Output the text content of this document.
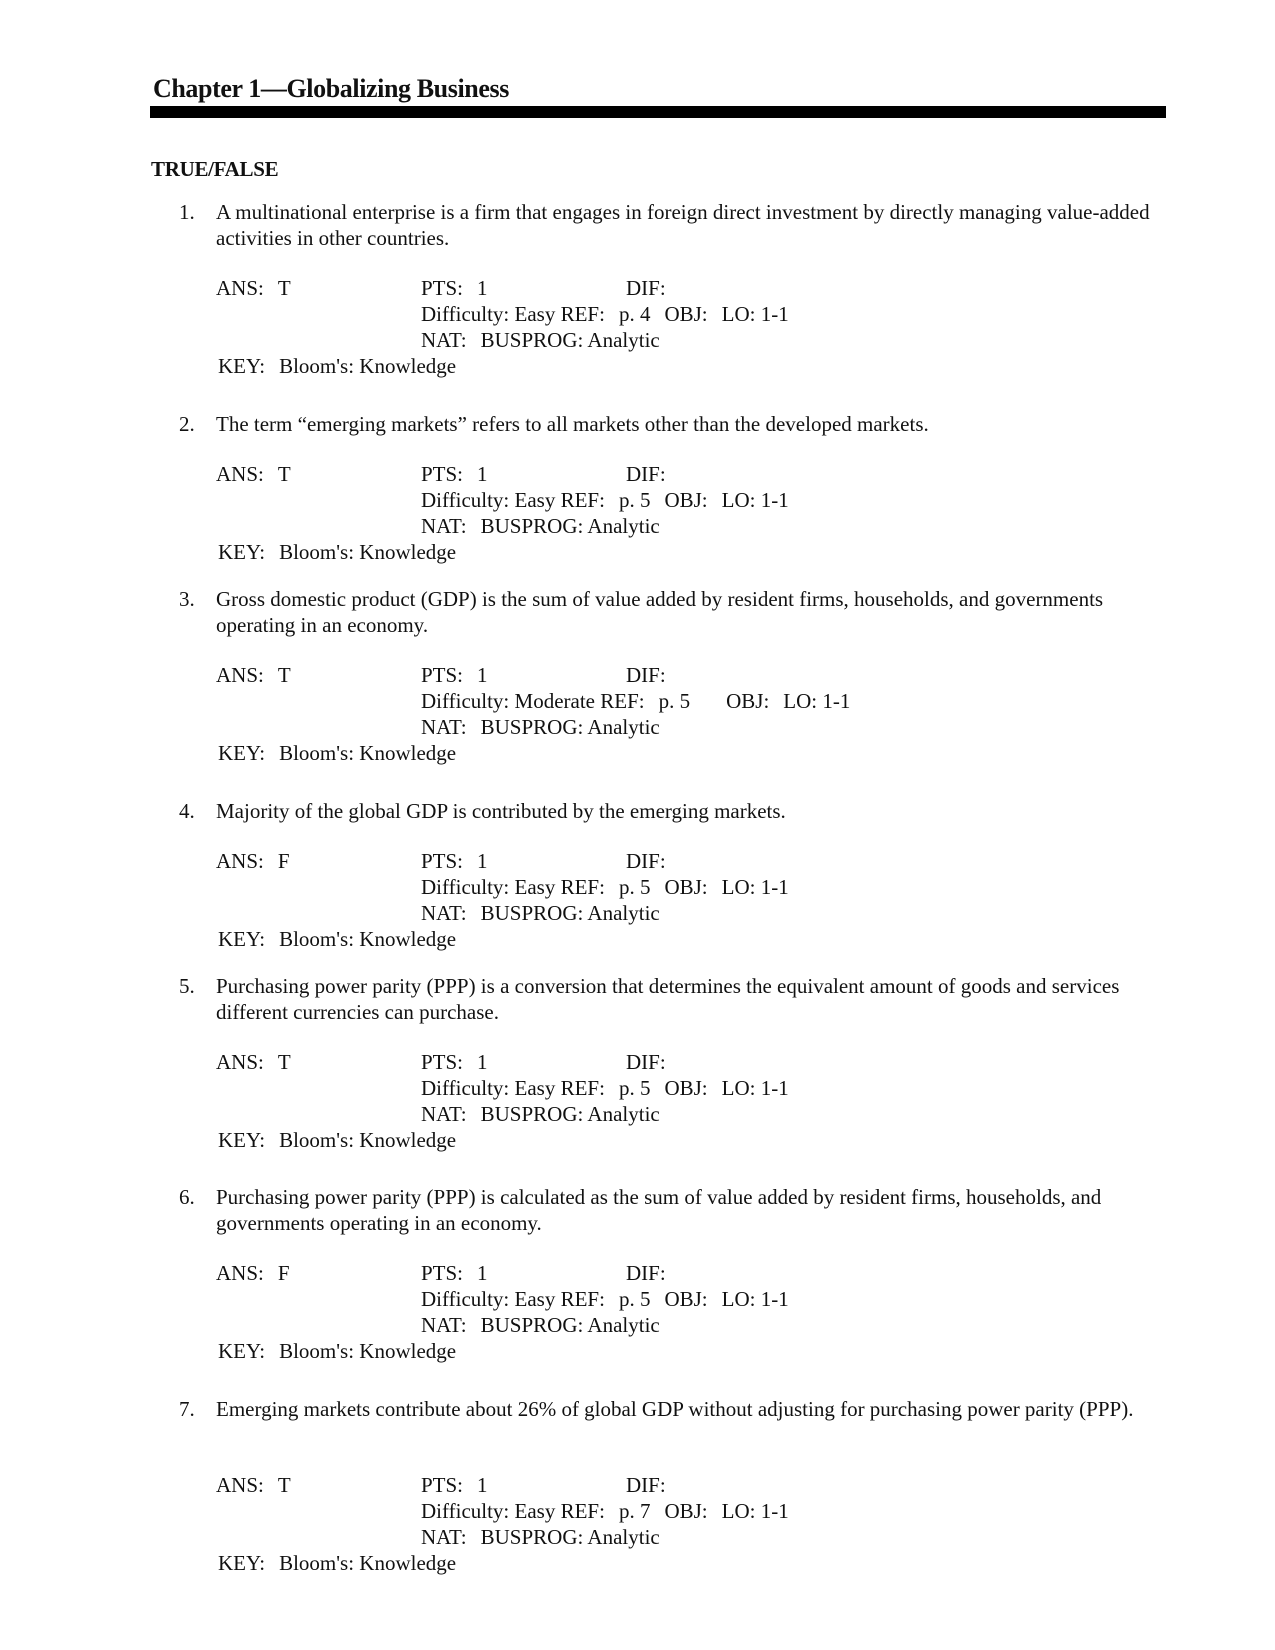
Chapter 1—Globalizing Business
TRUE/FALSE
1. A multinational enterprise is a firm that engages in foreign direct investment by directly managing value-added activities in other countries.

ANS: T	PTS: 1	DIF:
Difficulty: Easy REF: p. 4 OBJ: LO: 1-1
NAT: BUSPROG: Analytic
KEY: Bloom's: Knowledge
2. The term “emerging markets” refers to all markets other than the developed markets.

ANS: T	PTS: 1	DIF:
Difficulty: Easy REF: p. 5 OBJ: LO: 1-1
NAT: BUSPROG: Analytic
KEY: Bloom's: Knowledge
3. Gross domestic product (GDP) is the sum of value added by resident firms, households, and governments operating in an economy.

ANS: T	PTS: 1	DIF:
Difficulty: Moderate REF: p. 5 OBJ: LO: 1-1
NAT: BUSPROG: Analytic
KEY: Bloom's: Knowledge
4. Majority of the global GDP is contributed by the emerging markets.

ANS: F	PTS: 1	DIF:
Difficulty: Easy REF: p. 5 OBJ: LO: 1-1
NAT: BUSPROG: Analytic
KEY: Bloom's: Knowledge
5. Purchasing power parity (PPP) is a conversion that determines the equivalent amount of goods and services different currencies can purchase.

ANS: T	PTS: 1	DIF:
Difficulty: Easy REF: p. 5 OBJ: LO: 1-1
NAT: BUSPROG: Analytic
KEY: Bloom's: Knowledge
6. Purchasing power parity (PPP) is calculated as the sum of value added by resident firms, households, and governments operating in an economy.

ANS: F	PTS: 1	DIF:
Difficulty: Easy REF: p. 5 OBJ: LO: 1-1
NAT: BUSPROG: Analytic
KEY: Bloom's: Knowledge
7. Emerging markets contribute about 26% of global GDP without adjusting for purchasing power parity (PPP).

ANS: T	PTS: 1	DIF:
Difficulty: Easy REF: p. 7 OBJ: LO: 1-1
NAT: BUSPROG: Analytic
KEY: Bloom's: Knowledge
